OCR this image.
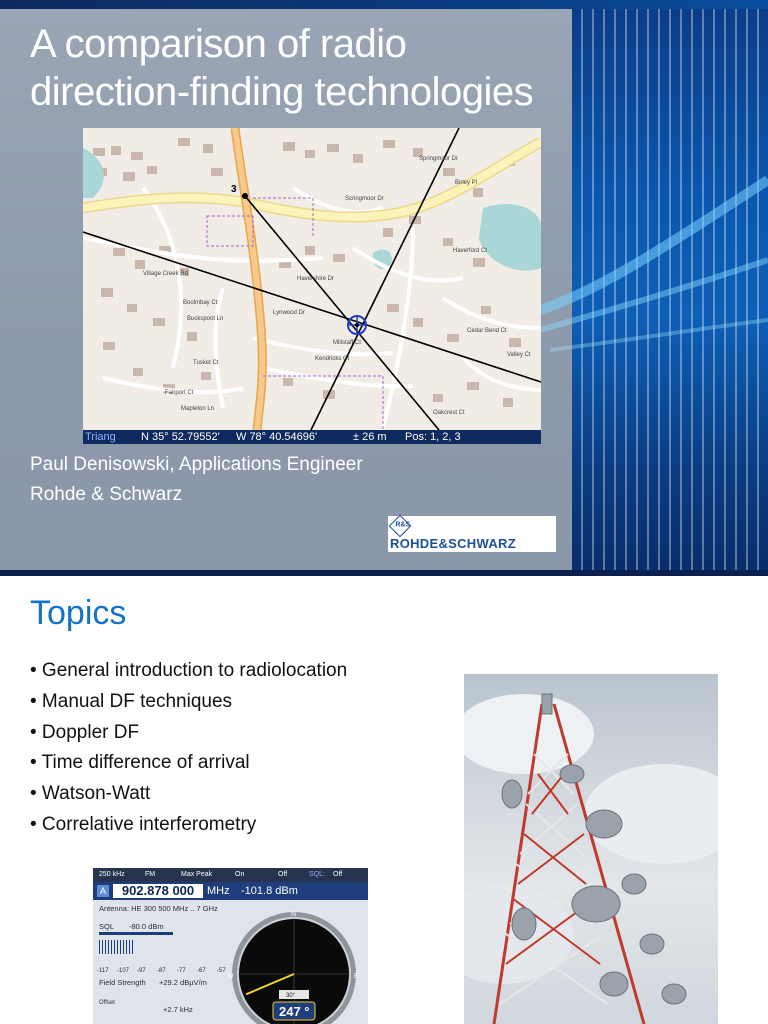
A comparison of radio
direction-finding technologies
3
Springmoor Dr
Scringmoor Dr
Havershire Dr
Village Creek Rd
Boolmbay Ct
Buckspoot Ln
Tusket Ct
Fairport Ct
Mapleton Ln
Millstaff Ct
Kendricks Ct
Oakcrest Ct
Haverford Ct
Cedar Bend Ct
Birley Pl
Valley Ct
Lynwood Dr
Triang N 35° 52.79552' W 78° 40.54696'	± 26 m Pos: 1, 2, 3
Paul Denisowski, Applications Engineer
Rohde & Schwarz
R&S
ROHDE&SCHWARZ
Topics
• General introduction to radiolocation
• Manual DF techniques
• Doppler DF
• Time difference of arrival
• Watson-Watt
• Correlative interferometry
250 kHz	FM	Max Peak	On	Off	SQL: Off
A	902.878 000	MHz -101.8 dBm
Antenna: HE 300 500 MHz .. 7 GHz
SQL -80.0 dBm
-117 -107 -97 -87 -77 -67 -57
Field Strength +29.2 dBµV/m
Offset
+2.7 kHz
N
W	E
30°
247 °
